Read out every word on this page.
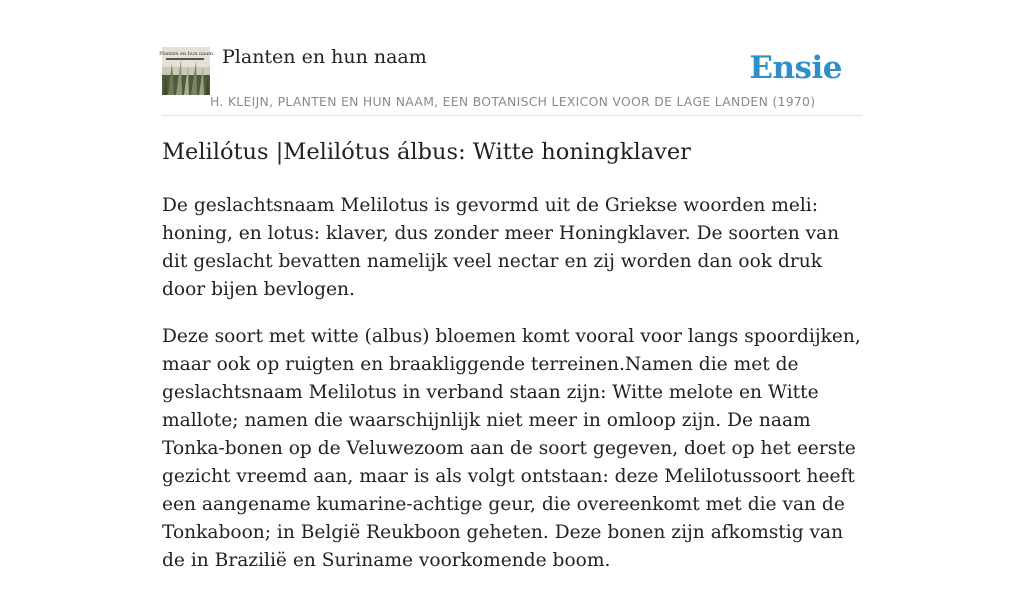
Planten en hun naam Planten en hun naam	Ensie
H. KLEIJN, PLANTEN EN HUN NAAM, EEN BOTANISCH LEXICON VOOR DE LAGE LANDEN (1970)
Melilótus |Melilótus álbus: Witte honingklaver

De geslachtsnaam Melilotus is gevormd uit de Griekse woorden meli: honing, en lotus: klaver, dus zonder meer Honingklaver. De soorten van dit geslacht bevatten namelijk veel nectar en zij worden dan ook druk door bijen bevlogen.

Deze soort met witte (albus) bloemen komt vooral voor langs spoordijken, maar ook op ruigten en braakliggende terreinen.Namen die met de geslachtsnaam Melilotus in verband staan zijn: Witte melote en Witte mallote; namen die waarschijnlijk niet meer in omloop zijn. De naam Tonka-bonen op de Veluwezoom aan de soort gegeven, doet op het eerste gezicht vreemd aan, maar is als volgt ontstaan: deze Melilotussoort heeft een aangename kumarine-achtige geur, die overeenkomt met die van de Tonkaboon; in België Reukboon geheten. Deze bonen zijn afkomstig van de in Brazilië en Suriname voorkomende boom.
